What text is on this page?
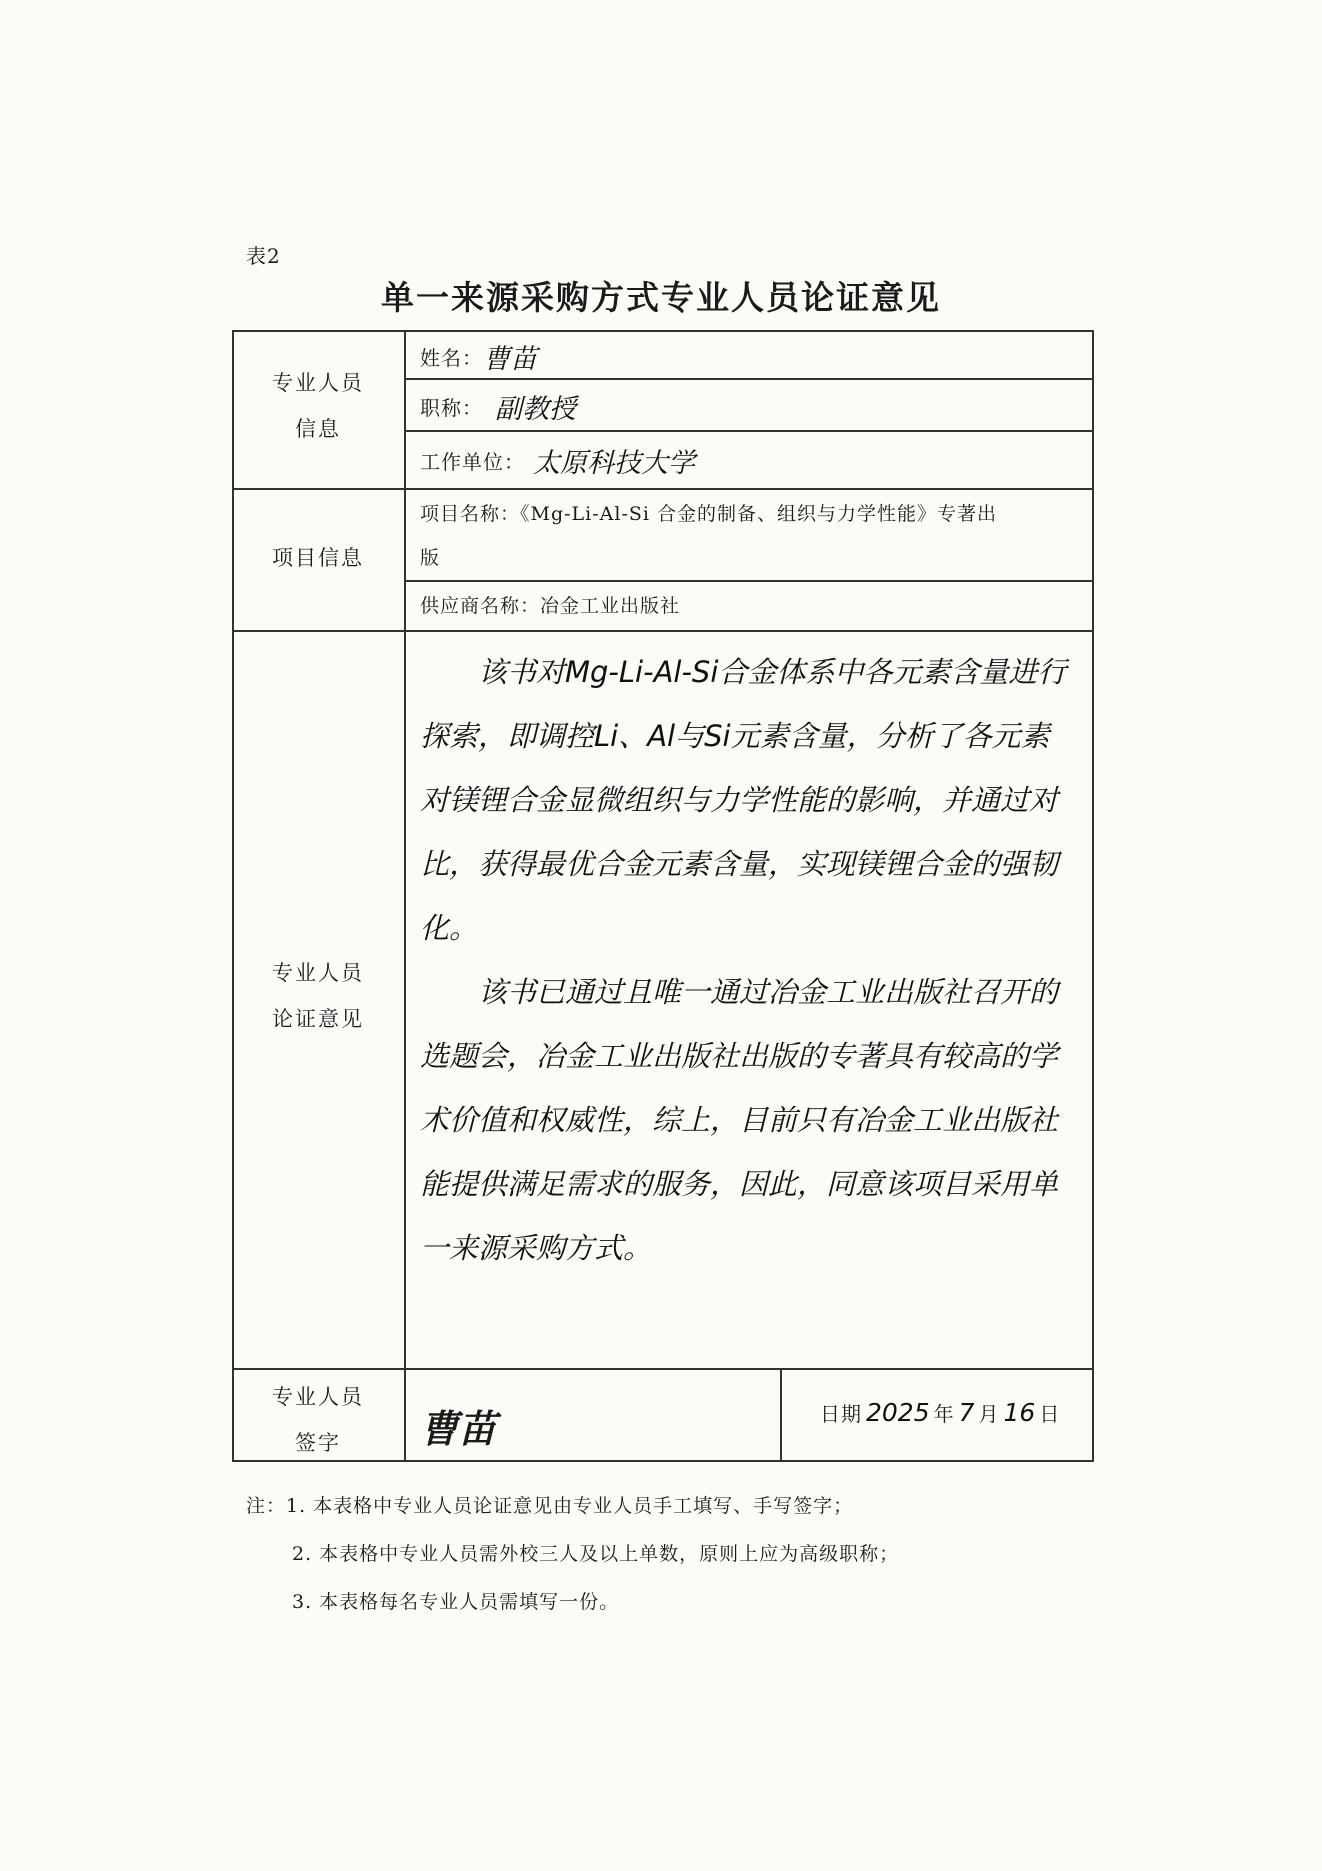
表2
单一来源采购方式专业人员论证意见
专业人员
信息
项目信息
专业人员
论证意见
专业人员
签字
姓名： 曹苗
职称： 副教授
工作单位： 太原科技大学
项目名称：《Mg-Li-Al-Si 合金的制备、组织与力学性能》专著出
版
供应商名称：冶金工业出版社

该书对Mg-Li-Al-Si合金体系中各元素含量进行探索，即调控Li、Al与Si元素含量，分析了各元素对镁锂合金显微组织与力学性能的影响，并通过对比，获得最优合金元素含量，实现镁锂合金的强韧化。

该书已通过且唯一通过冶金工业出版社召开的选题会，冶金工业出版社出版的专著具有较高的学术价值和权威性，综上，目前只有冶金工业出版社能提供满足需求的服务，因此，同意该项目采用单一来源采购方式。

曹苗	日期 2025 年 7 月 16 日
注：1. 本表格中专业人员论证意见由专业人员手工填写、手写签字；
2. 本表格中专业人员需外校三人及以上单数，原则上应为高级职称；
3. 本表格每名专业人员需填写一份。
